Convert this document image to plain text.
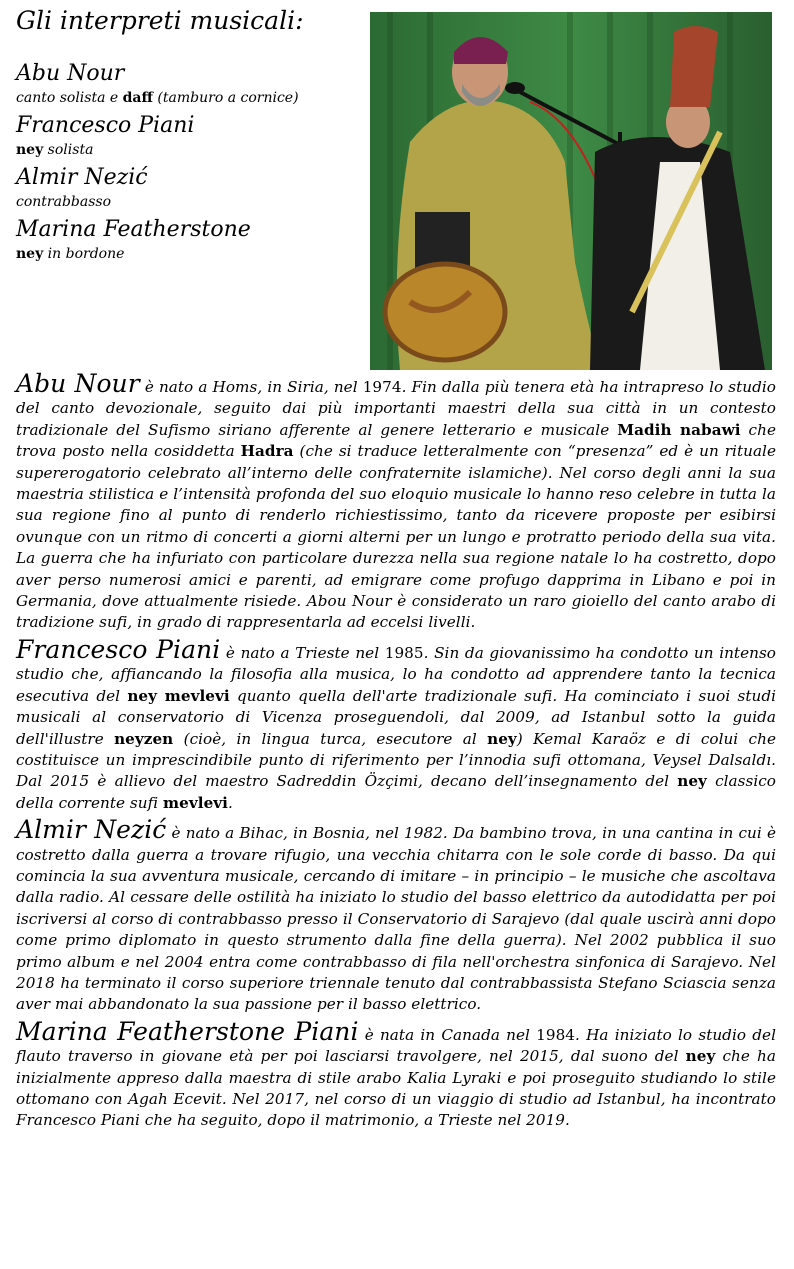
Gli interpreti musicali:
Abu Nour
canto solista e daff (tamburo a cornice)
Francesco Piani
ney solista
Almir Nezić
contrabbasso
Marina Featherstone
ney in bordone

Abu Nour è nato a Homs, in Siria, nel 1974. Fin dalla più tenera età ha intrapreso lo studio del canto devozionale, seguito dai più importanti maestri della sua città in un contesto tradizionale del Sufismo siriano afferente al genere letterario e musicale Madih nabawi che trova posto nella cosiddetta Hadra (che si traduce letteralmente con “presenza” ed è un rituale supererogatorio celebrato all’interno delle confraternite islamiche). Nel corso degli anni la sua maestria stilistica e l’intensità profonda del suo eloquio musicale lo hanno reso celebre in tutta la sua regione fino al punto di renderlo richiestissimo, tanto da ricevere proposte per esibirsi ovunque con un ritmo di concerti a giorni alterni per un lungo e protratto periodo della sua vita. La guerra che ha infuriato con particolare durezza nella sua regione natale lo ha costretto, dopo aver perso numerosi amici e parenti, ad emigrare come profugo dapprima in Libano e poi in Germania, dove attualmente risiede. Abou Nour è considerato un raro gioiello del canto arabo di tradizione sufi, in grado di rappresentarla ad eccelsi livelli.

Francesco Piani è nato a Trieste nel 1985. Sin da giovanissimo ha condotto un intenso studio che, affiancando la filosofia alla musica, lo ha condotto ad apprendere tanto la tecnica esecutiva del ney mevlevi quanto quella dell'arte tradizionale sufi. Ha cominciato i suoi studi musicali al conservatorio di Vicenza proseguendoli, dal 2009, ad Istanbul sotto la guida dell'illustre neyzen (cioè, in lingua turca, esecutore al ney) Kemal Karaöz e di colui che costituisce un imprescindibile punto di riferimento per l’innodia sufi ottomana, Veysel Dalsaldı. Dal 2015 è allievo del maestro Sadreddin Özçimi, decano dell’insegnamento del ney classico della corrente sufi mevlevi.

Almir Nezić è nato a Bihac, in Bosnia, nel 1982. Da bambino trova, in una cantina in cui è costretto dalla guerra a trovare rifugio, una vecchia chitarra con le sole corde di basso. Da qui comincia la sua avventura musicale, cercando di imitare – in principio – le musiche che ascoltava dalla radio. Al cessare delle ostilità ha iniziato lo studio del basso elettrico da autodidatta per poi iscriversi al corso di contrabbasso presso il Conservatorio di Sarajevo (dal quale uscirà anni dopo come primo diplomato in questo strumento dalla fine della guerra). Nel 2002 pubblica il suo primo album e nel 2004 entra come contrabbasso di fila nell'orchestra sinfonica di Sarajevo. Nel 2018 ha terminato il corso superiore triennale tenuto dal contrabbassista Stefano Sciascia senza aver mai abbandonato la sua passione per il basso elettrico.

Marina Featherstone Piani è nata in Canada nel 1984. Ha iniziato lo studio del flauto traverso in giovane età per poi lasciarsi travolgere, nel 2015, dal suono del ney che ha inizialmente appreso dalla maestra di stile arabo Kalia Lyraki e poi proseguito studiando lo stile ottomano con Agah Ecevit. Nel 2017, nel corso di un viaggio di studio ad Istanbul, ha incontrato Francesco Piani che ha seguito, dopo il matrimonio, a Trieste nel 2019.
